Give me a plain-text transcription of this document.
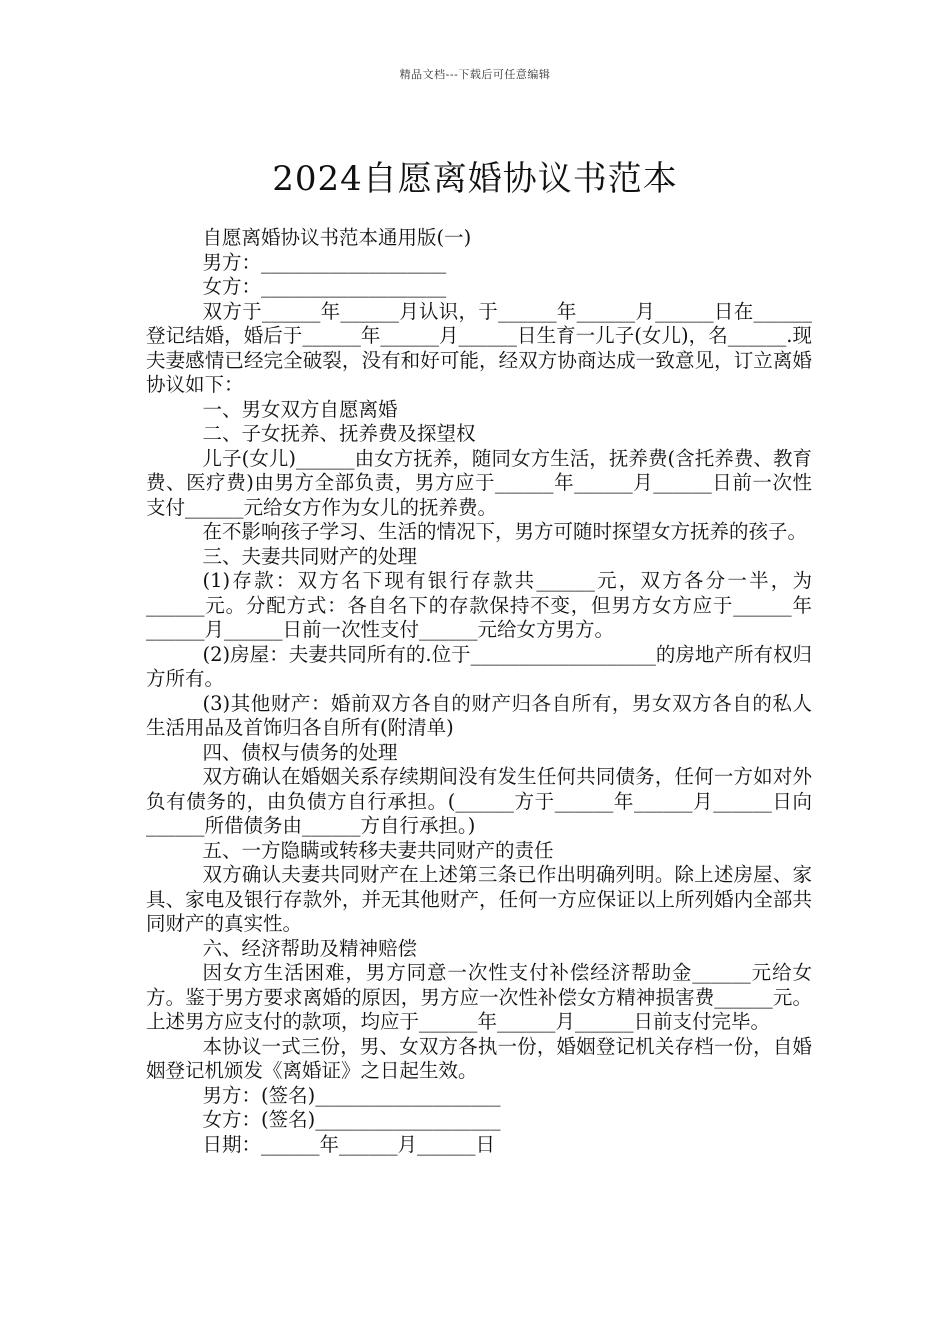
精品文档---下载后可任意编辑
2024自愿离婚协议书范本

自愿离婚协议书范本通用版(一)

男方：___________________

女方：___________________

双方于______年______月认识，于______年______月______日在______登记结婚，婚后于______年______月______日生育一儿子(女儿)，名______.现夫妻感情已经完全破裂，没有和好可能，经双方协商达成一致意见，订立离婚协议如下：

一、男女双方自愿离婚

二、子女抚养、抚养费及探望权

儿子(女儿)______由女方抚养，随同女方生活，抚养费(含托养费、教育费、医疗费)由男方全部负责，男方应于______年______月______日前一次性支付______元给女方作为女儿的抚养费。

在不影响孩子学习、生活的情况下，男方可随时探望女方抚养的孩子。

三、夫妻共同财产的处理

(1)存款：双方名下现有银行存款共______元，双方各分一半，为______元。分配方式：各自名下的存款保持不变，但男方女方应于______年______月______日前一次性支付______元给女方男方。

(2)房屋：夫妻共同所有的.位于___________________的房地产所有权归方所有。

(3)其他财产：婚前双方各自的财产归各自所有，男女双方各自的私人生活用品及首饰归各自所有(附清单)

四、债权与债务的处理

双方确认在婚姻关系存续期间没有发生任何共同债务，任何一方如对外负有债务的，由负债方自行承担。(______方于______年______月______日向______所借债务由______方自行承担。)

五、一方隐瞒或转移夫妻共同财产的责任

双方确认夫妻共同财产在上述第三条已作出明确列明。除上述房屋、家具、家电及银行存款外，并无其他财产，任何一方应保证以上所列婚内全部共同财产的真实性。

六、经济帮助及精神赔偿

因女方生活困难，男方同意一次性支付补偿经济帮助金______元给女方。鉴于男方要求离婚的原因，男方应一次性补偿女方精神损害费______元。上述男方应支付的款项，均应于______年______月______日前支付完毕。

本协议一式三份，男、女双方各执一份，婚姻登记机关存档一份，自婚姻登记机颁发《离婚证》之日起生效。

男方：(签名)___________________

女方：(签名)___________________

日期：______年______月______日
